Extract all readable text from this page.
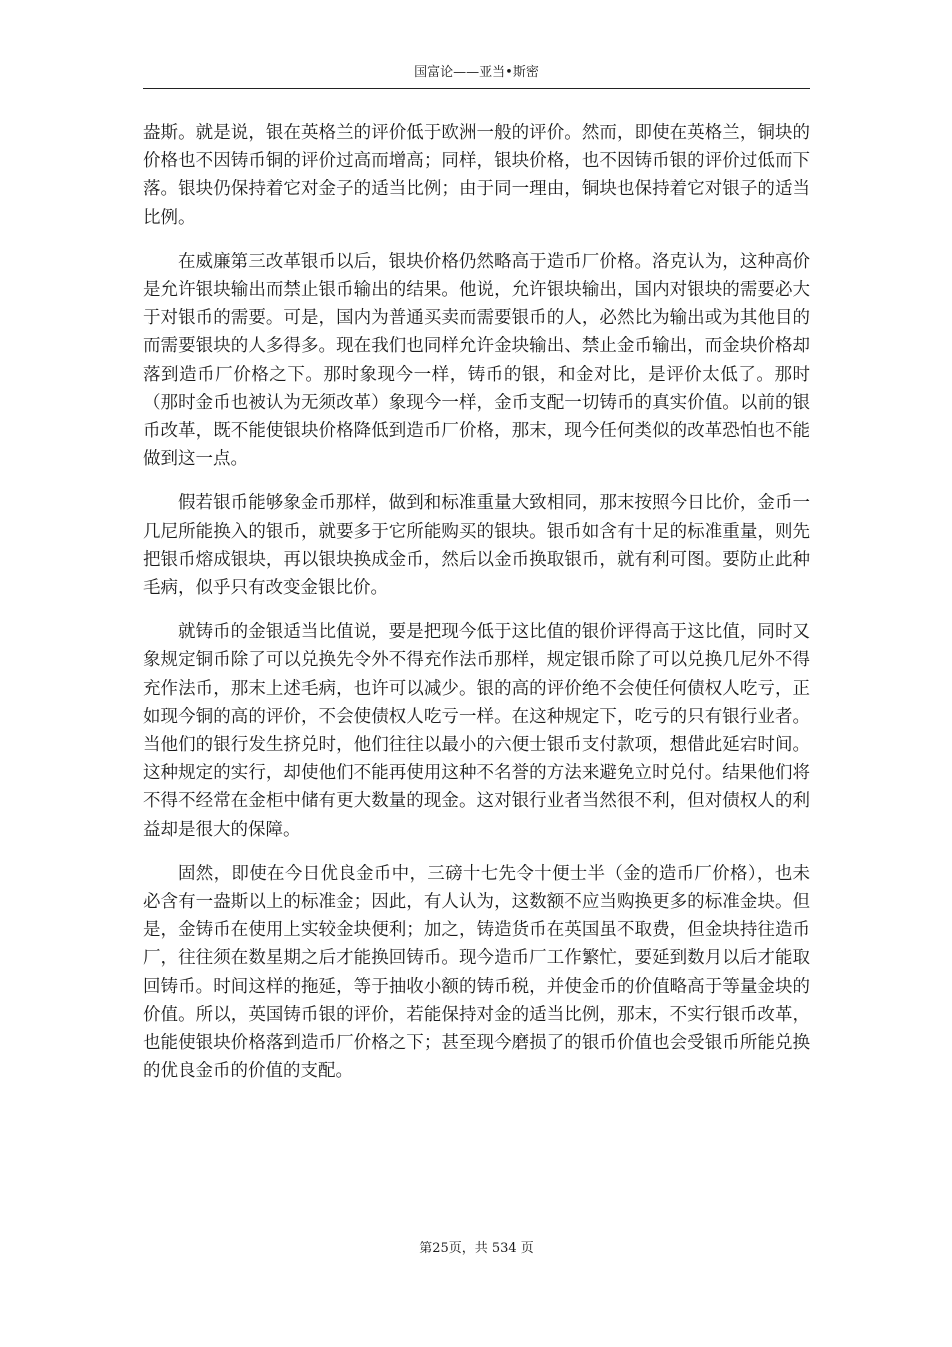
国富论——亚当•斯密

盎斯。就是说，银在英格兰的评价低于欧洲一般的评价。然而，即使在英格兰，铜块的价格也不因铸币铜的评价过高而增高；同样，银块价格，也不因铸币银的评价过低而下落。银块仍保持着它对金子的适当比例；由于同一理由，铜块也保持着它对银子的适当比例。

在威廉第三改革银币以后，银块价格仍然略高于造币厂价格。洛克认为，这种高价是允许银块输出而禁止银币输出的结果。他说，允许银块输出，国内对银块的需要必大于对银币的需要。可是，国内为普通买卖而需要银币的人，必然比为输出或为其他目的而需要银块的人多得多。现在我们也同样允许金块输出、禁止金币输出，而金块价格却落到造币厂价格之下。那时象现今一样，铸币的银，和金对比，是评价太低了。那时（那时金币也被认为无须改革）象现今一样，金币支配一切铸币的真实价值。以前的银币改革，既不能使银块价格降低到造币厂价格，那末，现今任何类似的改革恐怕也不能做到这一点。

假若银币能够象金币那样，做到和标准重量大致相同，那末按照今日比价，金币一几尼所能换入的银币，就要多于它所能购买的银块。银币如含有十足的标准重量，则先把银币熔成银块，再以银块换成金币，然后以金币换取银币，就有利可图。要防止此种毛病，似乎只有改变金银比价。

就铸币的金银适当比值说，要是把现今低于这比值的银价评得高于这比值，同时又象规定铜币除了可以兑换先令外不得充作法币那样，规定银币除了可以兑换几尼外不得充作法币，那末上述毛病，也许可以减少。银的高的评价绝不会使任何债权人吃亏，正如现今铜的高的评价，不会使债权人吃亏一样。在这种规定下，吃亏的只有银行业者。当他们的银行发生挤兑时，他们往往以最小的六便士银币支付款项，想借此延宕时间。这种规定的实行，却使他们不能再使用这种不名誉的方法来避免立时兑付。结果他们将不得不经常在金柜中储有更大数量的现金。这对银行业者当然很不利，但对债权人的利益却是很大的保障。

固然，即使在今日优良金币中，三磅十七先令十便士半（金的造币厂价格），也未必含有一盎斯以上的标准金；因此，有人认为，这数额不应当购换更多的标准金块。但是，金铸币在使用上实较金块便利；加之，铸造货币在英国虽不取费，但金块持往造币厂，往往须在数星期之后才能换回铸币。现今造币厂工作繁忙，要延到数月以后才能取回铸币。时间这样的拖延，等于抽收小额的铸币税，并使金币的价值略高于等量金块的价值。所以，英国铸币银的评价，若能保持对金的适当比例，那末，不实行银币改革，也能使银块价格落到造币厂价格之下；甚至现今磨损了的银币价值也会受银币所能兑换的优良金币的价值的支配。

第25页，共 534 页
